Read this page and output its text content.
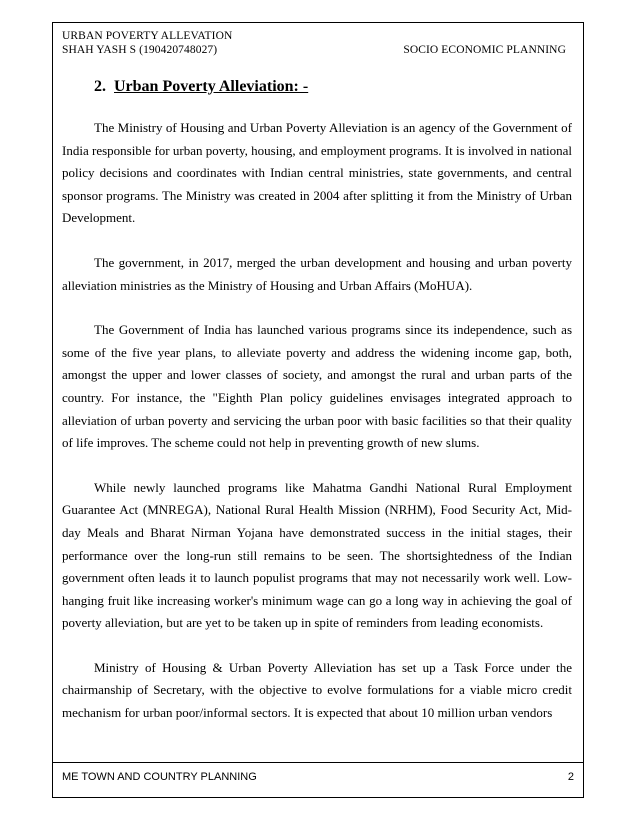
URBAN POVERTY ALLEVATION
SHAH YASH S (190420748027)	SOCIO ECONOMIC PLANNING
2. Urban Poverty Alleviation: -

The Ministry of Housing and Urban Poverty Alleviation is an agency of the Government of India responsible for urban poverty, housing, and employment programs. It is involved in national policy decisions and coordinates with Indian central ministries, state governments, and central sponsor programs. The Ministry was created in 2004 after splitting it from the Ministry of Urban Development.

The government, in 2017, merged the urban development and housing and urban poverty alleviation ministries as the Ministry of Housing and Urban Affairs (MoHUA).

The Government of India has launched various programs since its independence, such as some of the five year plans, to alleviate poverty and address the widening income gap, both, amongst the upper and lower classes of society, and amongst the rural and urban parts of the country. For instance, the "Eighth Plan policy guidelines envisages integrated approach to alleviation of urban poverty and servicing the urban poor with basic facilities so that their quality of life improves. The scheme could not help in preventing growth of new slums.

While newly launched programs like Mahatma Gandhi National Rural Employment Guarantee Act (MNREGA), National Rural Health Mission (NRHM), Food Security Act, Mid-day Meals and Bharat Nirman Yojana have demonstrated success in the initial stages, their performance over the long-run still remains to be seen. The shortsightedness of the Indian government often leads it to launch populist programs that may not necessarily work well. Low-hanging fruit like increasing worker's minimum wage can go a long way in achieving the goal of poverty alleviation, but are yet to be taken up in spite of reminders from leading economists.

Ministry of Housing & Urban Poverty Alleviation has set up a Task Force under the chairmanship of Secretary, with the objective to evolve formulations for a viable micro credit mechanism for urban poor/informal sectors. It is expected that about 10 million urban vendors

ME TOWN AND COUNTRY PLANNING	2
